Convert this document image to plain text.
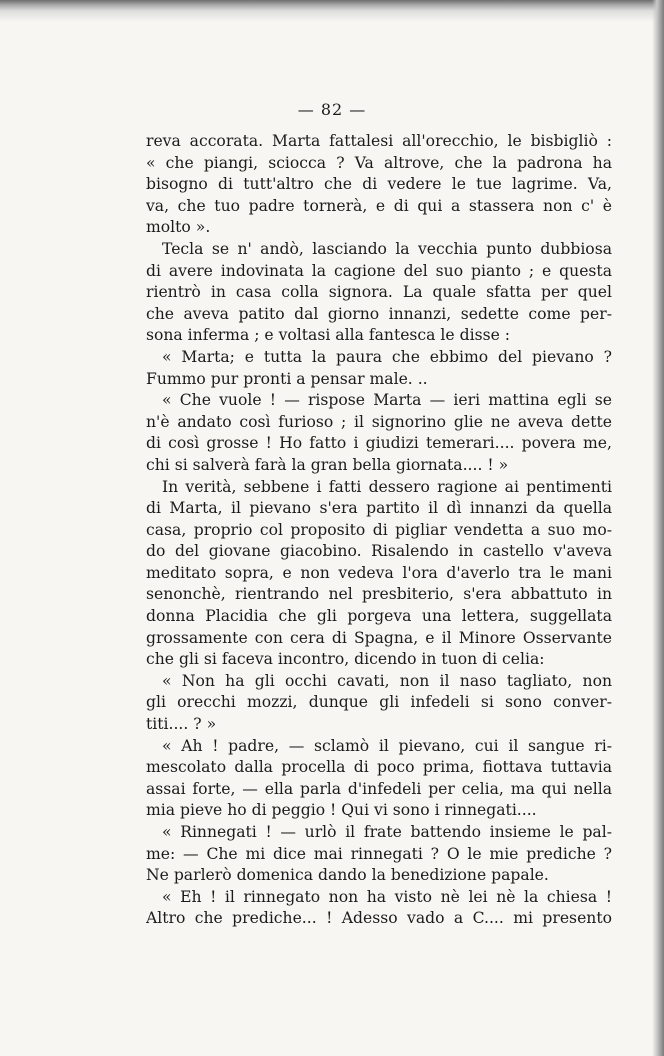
— 82 —
reva accorata. Marta fattalesi all'orecchio, le bisbigliò :
« che piangi, sciocca ? Va altrove, che la padrona ha
bisogno di tutt'altro che di vedere le tue lagrime. Va,
va, che tuo padre tornerà, e di qui a stassera non c' è
molto ».
Tecla se n' andò, lasciando la vecchia punto dubbiosa
di avere indovinata la cagione del suo pianto ; e questa
rientrò in casa colla signora. La quale sfatta per quel
che aveva patito dal giorno innanzi, sedette come per-
sona inferma ; e voltasi alla fantesca le disse :
« Marta; e tutta la paura che ebbimo del pievano ?
Fummo pur pronti a pensar male. ..
« Che vuole ! — rispose Marta — ieri mattina egli se
n'è andato così furioso ; il signorino glie ne aveva dette
di così grosse ! Ho fatto i giudizi temerari.... povera me,
chi si salverà farà la gran bella giornata.... ! »
In verità, sebbene i fatti dessero ragione ai pentimenti
di Marta, il pievano s'era partito il dì innanzi da quella
casa, proprio col proposito di pigliar vendetta a suo mo-
do del giovane giacobino. Risalendo in castello v'aveva
meditato sopra, e non vedeva l'ora d'averlo tra le mani
senonchè, rientrando nel presbiterio, s'era abbattuto in
donna Placidia che gli porgeva una lettera, suggellata
grossamente con cera di Spagna, e il Minore Osservante
che gli si faceva incontro, dicendo in tuon di celia:
« Non ha gli occhi cavati, non il naso tagliato, non
gli orecchi mozzi, dunque gli infedeli si sono conver-
titi.... ? »
« Ah ! padre, — sclamò il pievano, cui il sangue ri-
mescolato dalla procella di poco prima, fiottava tuttavia
assai forte, — ella parla d'infedeli per celia, ma qui nella
mia pieve ho di peggio ! Qui vi sono i rinnegati....
« Rinnegati ! — urlò il frate battendo insieme le pal-
me: — Che mi dice mai rinnegati ? O le mie prediche ?
Ne parlerò domenica dando la benedizione papale.
« Eh ! il rinnegato non ha visto nè lei nè la chiesa !
Altro che prediche... ! Adesso vado a C.... mi presento
